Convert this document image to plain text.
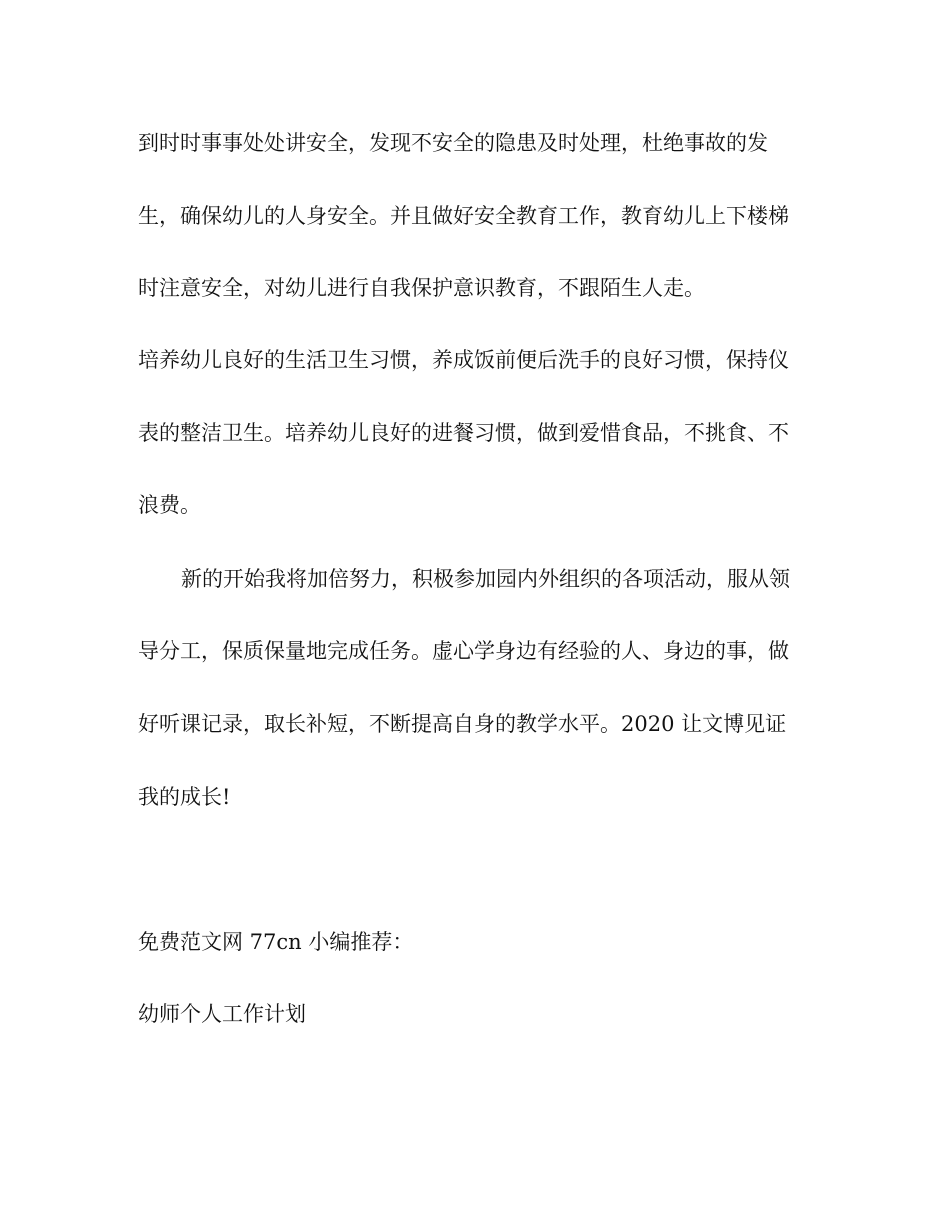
到时时事事处处讲安全，发现不安全的隐患及时处理，杜绝事故的发
生，确保幼儿的人身安全。并且做好安全教育工作，教育幼儿上下楼梯
时注意安全，对幼儿进行自我保护意识教育，不跟陌生人走。
培养幼儿良好的生活卫生习惯，养成饭前便后洗手的良好习惯，保持仪
表的整洁卫生。培养幼儿良好的进餐习惯，做到爱惜食品，不挑食、不
浪费。
新的开始我将加倍努力，积极参加园内外组织的各项活动，服从领
导分工，保质保量地完成任务。虚心学身边有经验的人、身边的事，做
好听课记录，取长补短，不断提高自身的教学水平。2020 让文博见证
我的成长!
免费范文网 77cn 小编推荐：
幼师个人工作计划
